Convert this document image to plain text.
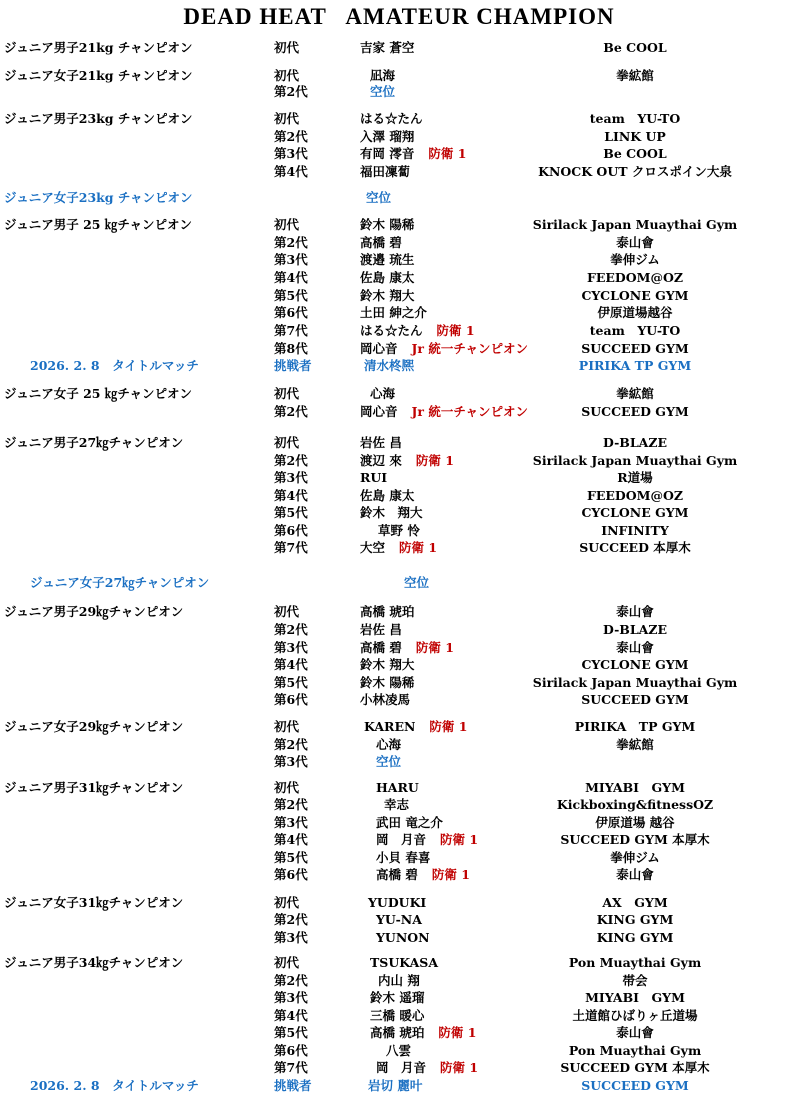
DEAD HEAT   AMATEUR CHAMPION
ジュニア男子21kg チャンピオン	初代	吉家 蒼空	Be COOL
ジュニア女子21kg チャンピオン	初代	凪海	拳絋館
第2代	空位
ジュニア男子23kg チャンピオン	初代	はる☆たん	team　YU-TO
第2代	入澤 瑠翔	LINK UP
第3代	有岡 澪音 防衛 1	Be COOL
第4代	福田凜蔔	KNOCK OUT クロスポイン大泉
ジュニア女子23kg チャンピオン	空位
ジュニア男子 25 ㎏チャンピオン	初代	鈴木 陽稀	Sirilack Japan Muaythai Gym
第2代	高橋 碧	泰山會
第3代	渡邉 琉生	拳伸ジム
第4代	佐島 康太	FEEDOM@OZ
第5代	鈴木 翔大	CYCLONE GYM
第6代	土田 紳之介	伊原道場越谷
第7代	はる☆たん 防衛 1	team　YU-TO
第8代	岡心音 Jr 統一チャンピオン	SUCCEED GYM
2026. 2. 8　タイトルマッチ	挑戦者	清水柊熈	PIRIKA TP GYM
ジュニア女子 25 ㎏チャンピオン	初代	心海	拳絋館
第2代	岡心音 Jr 統一チャンピオン	SUCCEED GYM
ジュニア男子27㎏チャンピオン	初代	岩佐 昌	D-BLAZE
第2代	渡辺 來 防衛 1	Sirilack Japan Muaythai Gym
第3代	RUI	R道場
第4代	佐島 康太	FEEDOM@OZ
第5代	鈴木　翔大	CYCLONE GYM
第6代	草野 怜	INFINITY
第7代	大空 防衛 1	SUCCEED 本厚木
ジュニア女子27㎏チャンピオン	空位
ジュニア男子29㎏チャンピオン	初代	高橋 琥珀	泰山會
第2代	岩佐 昌	D-BLAZE
第3代	高橋 碧 防衛 1	泰山會
第4代	鈴木 翔大	CYCLONE GYM
第5代	鈴木 陽稀	Sirilack Japan Muaythai Gym
第6代	小林凌馬	SUCCEED GYM
ジュニア女子29㎏チャンピオン	初代	KAREN 防衛 1	PIRIKA　TP GYM
第2代	心海	拳絋館
第3代	空位
ジュニア男子31㎏チャンピオン	初代	HARU	MIYABI　GYM
第2代	幸志	Kickboxing&fitnessOZ
第3代	武田 竜之介	伊原道場 越谷
第4代	岡　月音 防衛 1	SUCCEED GYM 本厚木
第5代	小貝 春喜	拳伸ジム
第6代	高橋 碧 防衛 1	泰山會
ジュニア女子31㎏チャンピオン	初代	YUDUKI	AX　GYM
第2代	YU-NA	KING GYM
第3代	YUNON	KING GYM
ジュニア男子34㎏チャンピオン	初代	TSUKASA	Pon Muaythai Gym
第2代	内山 翔	帯会
第3代	鈴木 遥瑠	MIYABI　GYM
第4代	三橋 暖心	土道館ひばりヶ丘道場
第5代	高橋 琥珀 防衛 1	泰山會
第6代	八雲	Pon Muaythai Gym
第7代	岡　月音 防衛 1	SUCCEED GYM 本厚木
2026. 2. 8　タイトルマッチ	挑戦者	岩切 麗叶	SUCCEED GYM
